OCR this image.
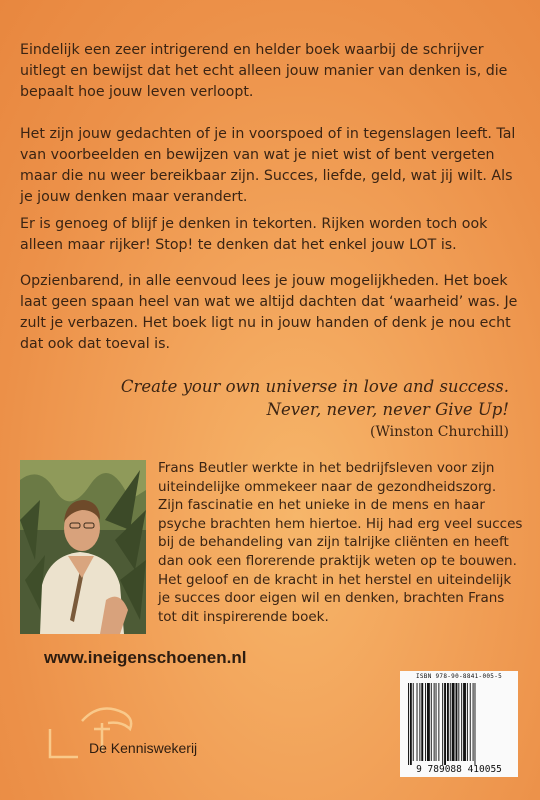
Eindelijk een zeer intrigerend en helder boek waarbij de schrijver uitlegt en bewijst dat het echt alleen jouw manier van denken is, die bepaalt hoe jouw leven verloopt.

Het zijn jouw gedachten of je in voorspoed of in tegenslagen leeft. Tal van voorbeelden en bewijzen van wat je niet wist of bent vergeten maar die nu weer bereikbaar zijn. Succes, liefde, geld, wat jij wilt. Als je jouw denken maar verandert.

Er is genoeg of blijf je denken in tekorten. Rijken worden toch ook alleen maar rijker! Stop! te denken dat het enkel jouw LOT is.

Opzienbarend, in alle eenvoud lees je jouw mogelijkheden. Het boek laat geen spaan heel van wat we altijd dachten dat ‘waarheid’ was. Je zult je verbazen. Het boek ligt nu in jouw handen of denk je nou echt dat ook dat toeval is.

Create your own universe in love and success.
Never, never, never Give Up!
(Winston Churchill)

Frans Beutler werkte in het bedrijfsleven voor zijn uiteindelijke ommekeer naar de gezondheidszorg. Zijn fascinatie en het unieke in de mens en haar psyche brachten hem hiertoe. Hij had erg veel succes bij de behandeling van zijn talrijke cliënten en heeft dan ook een florerende praktijk weten op te bouwen. Het geloof en de kracht in het herstel en uiteindelijk je succes door eigen wil en denken, brachten Frans tot dit inspirerende boek.

www.ineigenschoenen.nl
De Kenniswekerij
ISBN 978-90-8841-005-5
9 789088 410055
